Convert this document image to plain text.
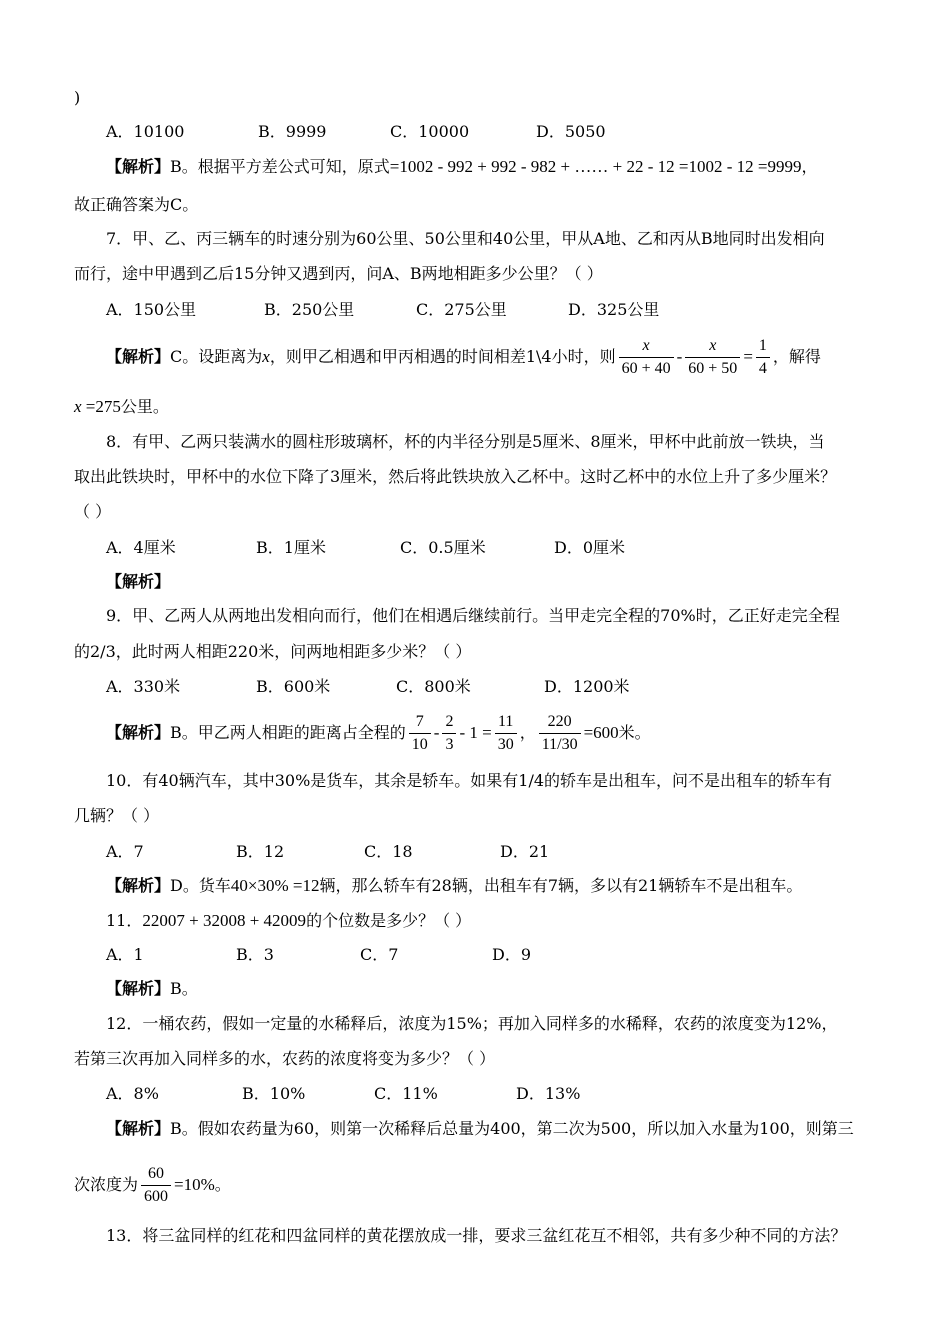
)
A．10100	B．9999	C．10000	D．5050
【解析】B。根据平方差公式可知，原式=1002 - 992 + 992 - 982 + …… + 22 - 12 =1002 - 12 =9999，
故正确答案为C。
7．甲、乙、丙三辆车的时速分别为60公里、50公里和40公里，甲从A地、乙和丙从B地同时出发相向
而行，途中甲遇到乙后15分钟又遇到丙，问A、B两地相距多少公里？（ ）
A．150公里	B．250公里	C．275公里	D．325公里
【解析】C。设距离为x，则甲乙相遇和甲丙相遇的时间相差1\4小时，则 $\frac{x}{60 + 40} - \frac{x}{60 + 50} = \frac{1}{4}$ ，解得
x =275公里。
8．有甲、乙两只装满水的圆柱形玻璃杯，杯的内半径分别是5厘米、8厘米，甲杯中此前放一铁块，当
取出此铁块时，甲杯中的水位下降了3厘米，然后将此铁块放入乙杯中。这时乙杯中的水位上升了多少厘米？
（ ）
A．4厘米	B．1厘米	C．0.5厘米	D．0厘米
【解析】
9．甲、乙两人从两地出发相向而行，他们在相遇后继续前行。当甲走完全程的70%时，乙正好走完全程
的2/3，此时两人相距220米，问两地相距多少米？（ ）
A．330米	B．600米	C．800米	D．1200米
【解析】B。甲乙两人相距的距离占全程的 $\frac{7}{10} - \frac{2}{3} - 1 = \frac{11}{30}$ ， $\frac{220}{11/30} =600$米。
10．有40辆汽车，其中30%是货车，其余是轿车。如果有1/4的轿车是出租车，问不是出租车的轿车有
几辆？（ ）
A．7	B．12	C．18	D．21
【解析】D。货车40×30% =12辆，那么轿车有28辆，出租车有7辆，多以有21辆轿车不是出租车。
11．22007 + 32008 + 42009的个位数是多少？（ ）
A．1	B．3	C．7	D．9
【解析】B。
12．一桶农药，假如一定量的水稀释后，浓度为15%；再加入同样多的水稀释，农药的浓度变为12%，
若第三次再加入同样多的水，农药的浓度将变为多少？（ ）
A．8%	B．10%	C．11%	D．13%
【解析】B。假如农药量为60，则第一次稀释后总量为400，第二次为500，所以加入水量为100，则第三
次浓度为 $\frac{60}{600} =10\%$。
13．将三盆同样的红花和四盆同样的黄花摆放成一排，要求三盆红花互不相邻，共有多少种不同的方法？
